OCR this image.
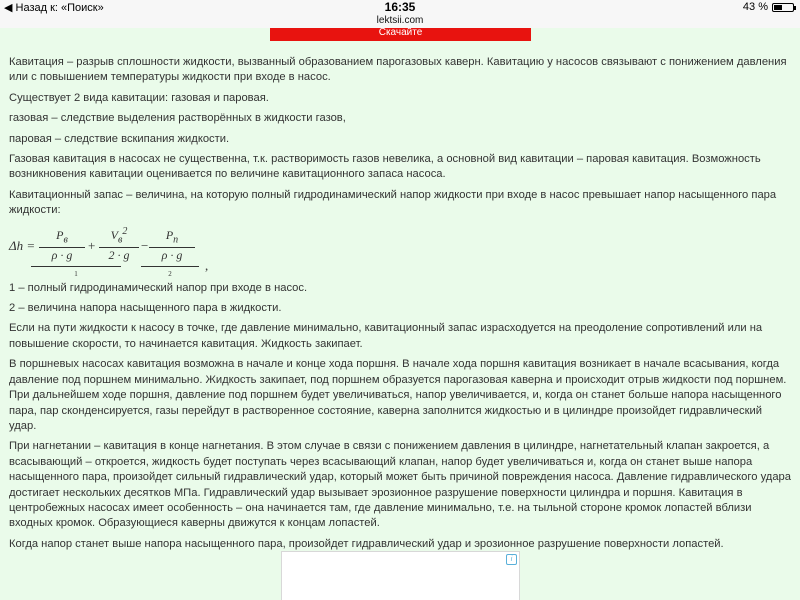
◀ Назад к: «Поиск»	16:35	43 %
lektsii.com
Скачайте

Кавитация – разрыв сплошности жидкости, вызванный образованием парогазовых каверн. Кавитацию у насосов связывают с понижением давления или с повышением температуры жидкости при входе в насос.

Существует 2 вида кавитации: газовая и паровая.

газовая – следствие выделения растворённых в жидкости газов,

паровая – следствие вскипания жидкости.

Газовая кавитация в насосах не существенна, т.к. растворимость газов невелика, а основной вид кавитации – паровая кавитация. Возможность возникновения кавитации оценивается по величине кавитационного запаса насоса.

Кавитационный запас – величина, на которую полный гидродинамический напор жидкости при входе в насос превышает напор насыщенного пара жидкости:

Δh =
$P_в$
ρ · g
+
$V_в^2$
2 · g
−
$P_п$
ρ · g
1	2
,

1 – полный гидродинамический напор при входе в насос.

2 – величина напора насыщенного пара в жидкости.

Если на пути жидкости к насосу в точке, где давление минимально, кавитационный запас израсходуется на преодоление сопротивлений или на повышение скорости, то начинается кавитация. Жидкость закипает.

В поршневых насосах кавитация возможна в начале и конце хода поршня. В начале хода поршня кавитация возникает в начале всасывания, когда давление под поршнем минимально. Жидкость закипает, под поршнем образуется парогазовая каверна и происходит отрыв жидкости под поршнем. При дальнейшем ходе поршня, давление под поршнем будет увеличиваться, напор увеличивается, и, когда он станет больше напора насыщенного пара, пар сконденсируется, газы перейдут в растворенное состояние, каверна заполнится жидкостью и в цилиндре произойдет гидравлический удар.

При нагнетании – кавитация в конце нагнетания. В этом случае в связи с понижением давления в цилиндре, нагнетательный клапан закроется, а всасывающий – откроется, жидкость будет поступать через всасывающий клапан, напор будет увеличиваться и, когда он станет выше напора насыщенного пара, произойдет сильный гидравлический удар, который может быть причиной повреждения насоса. Давление гидравлического удара достигает нескольких десятков МПа. Гидравлический удар вызывает эрозионное разрушение поверхности цилиндра и поршня. Кавитация в центробежных насосах имеет особенность – она начинается там, где давление минимально, т.е. на тыльной стороне кромок лопастей вблизи входных кромок. Образующиеся каверны движутся к концам лопастей.

Когда напор станет выше напора насыщенного пара, произойдет гидравлический удар и эрозионное разрушение поверхности лопастей.

i
